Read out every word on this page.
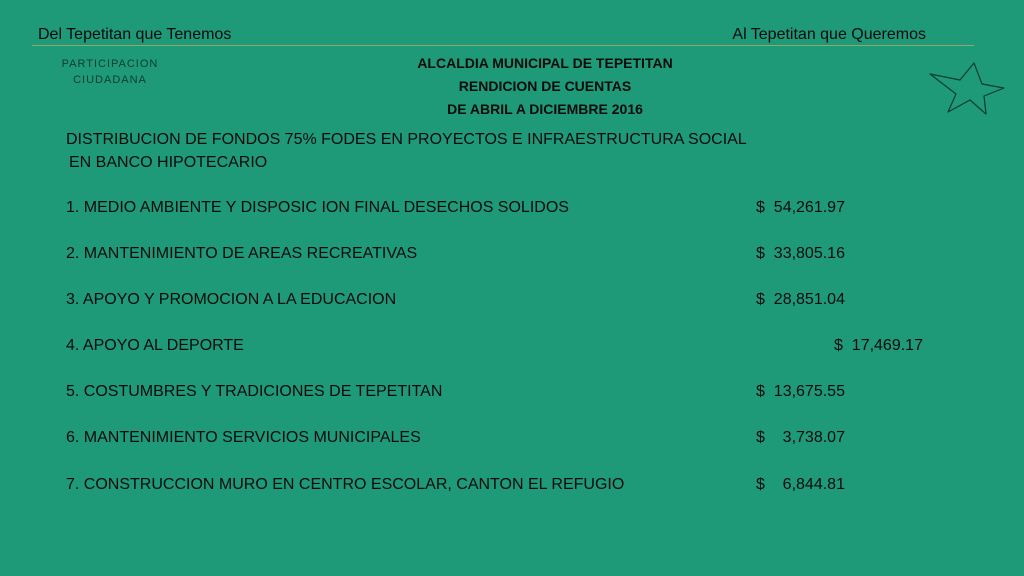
Del Tepetitan que Tenemos	Al Tepetitan que Queremos
PARTICIPACION
CIUDADANA
ALCALDIA MUNICIPAL DE TEPETITAN
RENDICION DE CUENTAS
DE ABRIL A DICIEMBRE 2016
DISTRIBUCION DE FONDOS 75% FODES EN PROYECTOS E INFRAESTRUCTURA SOCIAL
EN BANCO HIPOTECARIO
1. MEDIO AMBIENTE Y DISPOSIC ION FINAL DESECHOS SOLIDOS	$  54,261.97
2. MANTENIMIENTO DE AREAS RECREATIVAS	$  33,805.16
3. APOYO Y PROMOCION A LA EDUCACION	$  28,851.04
4. APOYO AL DEPORTE	$  17,469.17
5. COSTUMBRES Y TRADICIONES DE TEPETITAN	$  13,675.55
6. MANTENIMIENTO SERVICIOS MUNICIPALES	$    3,738.07
7. CONSTRUCCION MURO EN CENTRO ESCOLAR, CANTON EL REFUGIO	$    6,844.81
